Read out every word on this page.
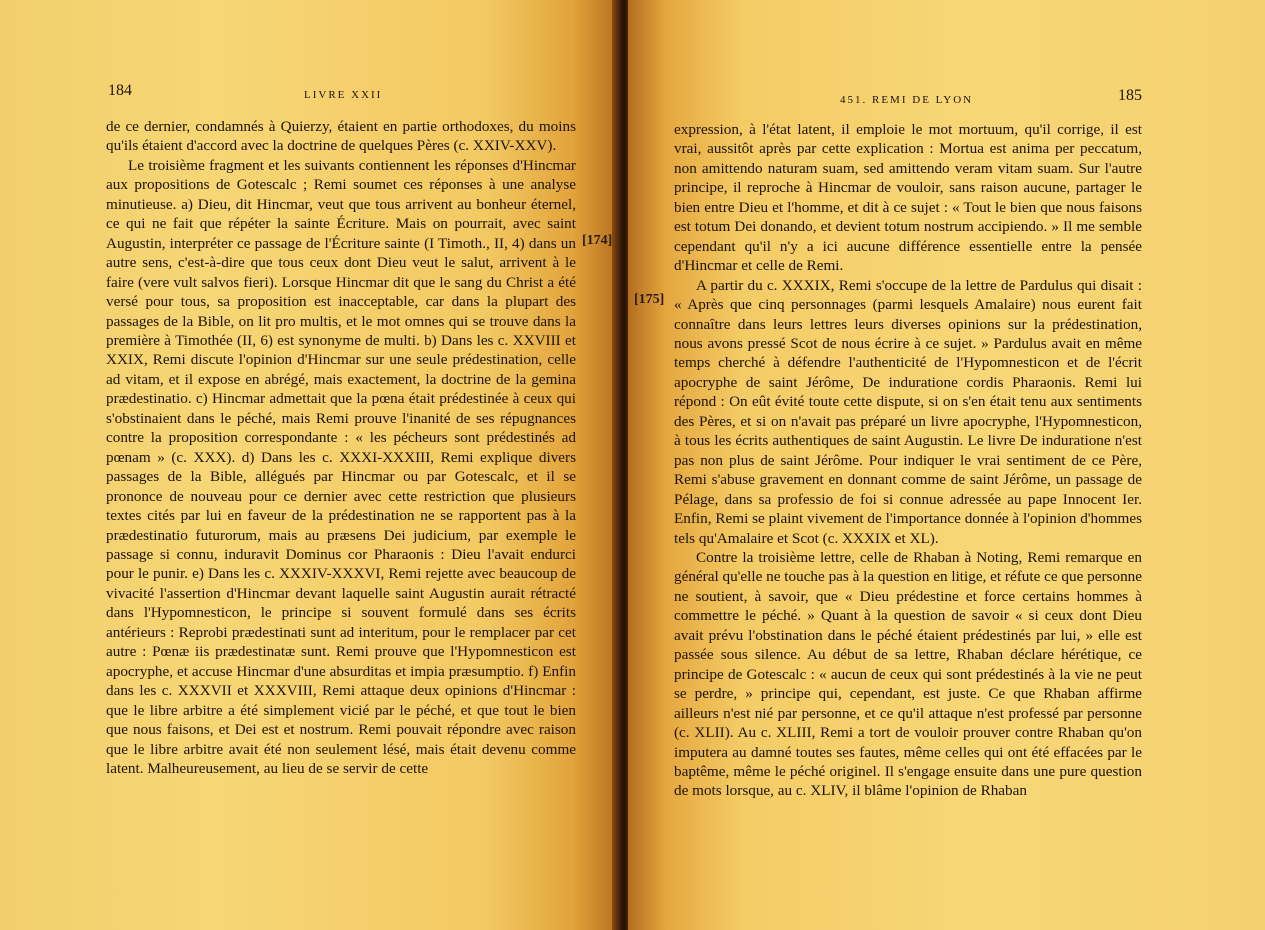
184	LIVRE XXII

de ce dernier, condamnés à Quierzy, étaient en partie orthodoxes, du moins qu'ils étaient d'accord avec la doctrine de quelques Pères (c. XXIV-XXV).

Le troisième fragment et les suivants contiennent les réponses d'Hincmar aux propositions de Gotescalc ; Remi soumet ces réponses à une analyse minutieuse. a) Dieu, dit Hincmar, veut que tous arrivent au bonheur éternel, ce qui ne fait que répéter la sainte Écriture. Mais on pourrait, avec saint Augustin, interpréter ce passage de l'Écriture sainte (I Timoth., II, 4) dans un autre sens, c'est-à-dire que tous ceux dont Dieu veut le salut, arrivent à le faire (vere vult salvos fieri). Lorsque Hincmar dit que le sang du Christ a été versé pour tous, sa proposition est inacceptable, car dans la plupart des passages de la Bible, on lit pro multis, et le mot omnes qui se trouve dans la première à Timothée (II, 6) est synonyme de multi. b) Dans les c. XXVIII et XXIX, Remi discute l'opinion d'Hincmar sur une seule prédestination, celle ad vitam, et il expose en abrégé, mais exactement, la doctrine de la gemina prædestinatio. c) Hincmar admettait que la pœna était prédestinée à ceux qui s'obstinaient dans le péché, mais Remi prouve l'inanité de ses répugnances contre la proposition correspondante : « les pécheurs sont prédestinés ad pœnam » (c. XXX). d) Dans les c. XXXI-XXXIII, Remi explique divers passages de la Bible, allégués par Hincmar ou par Gotescalc, et il se prononce de nouveau pour ce dernier avec cette restriction que plusieurs textes cités par lui en faveur de la prédestination ne se rapportent pas à la prædestinatio futurorum, mais au præsens Dei judicium, par exemple le passage si connu, induravit Dominus cor Pharaonis : Dieu l'avait endurci pour le punir. e) Dans les c. XXXIV-XXXVI, Remi rejette avec beaucoup de vivacité l'assertion d'Hincmar devant laquelle saint Augustin aurait rétracté dans l'Hypomnesticon, le principe si souvent formulé dans ses écrits antérieurs : Reprobi prædestinati sunt ad interitum, pour le remplacer par cet autre : Pœnæ iis prædestinatæ sunt. Remi prouve que l'Hypomnesticon est apocryphe, et accuse Hincmar d'une absurditas et impia præsumptio. f) Enfin dans les c. XXXVII et XXXVIII, Remi attaque deux opinions d'Hincmar : que le libre arbitre a été simplement vicié par le péché, et que tout le bien que nous faisons, et Dei est et nostrum. Remi pouvait répondre avec raison que le libre arbitre avait été non seulement lésé, mais était devenu comme latent. Malheureusement, au lieu de se servir de cette

451. REMI DE LYON	185

expression, à l'état latent, il emploie le mot mortuum, qu'il corrige, il est vrai, aussitôt après par cette explication : Mortua est anima per peccatum, non amittendo naturam suam, sed amittendo veram vitam suam. Sur l'autre principe, il reproche à Hincmar de vouloir, sans raison aucune, partager le bien entre Dieu et l'homme, et dit à ce sujet : « Tout le bien que nous faisons est totum Dei donando, et devient totum nostrum accipiendo. » Il me semble cependant qu'il n'y a ici aucune différence essentielle entre la pensée d'Hincmar et celle de Remi.

A partir du c. XXXIX, Remi s'occupe de la lettre de Pardulus qui disait : « Après que cinq personnages (parmi lesquels Amalaire) nous eurent fait connaître dans leurs lettres leurs diverses opinions sur la prédestination, nous avons pressé Scot de nous écrire à ce sujet. » Pardulus avait en même temps cherché à défendre l'authenticité de l'Hypomnesticon et de l'écrit apocryphe de saint Jérôme, De induratione cordis Pharaonis. Remi lui répond : On eût évité toute cette dispute, si on s'en était tenu aux sentiments des Pères, et si on n'avait pas préparé un livre apocryphe, l'Hypomnesticon, à tous les écrits authentiques de saint Augustin. Le livre De induratione n'est pas non plus de saint Jérôme. Pour indiquer le vrai sentiment de ce Père, Remi s'abuse gravement en donnant comme de saint Jérôme, un passage de Pélage, dans sa professio de foi si connue adressée au pape Innocent Ier. Enfin, Remi se plaint vivement de l'importance donnée à l'opinion d'hommes tels qu'Amalaire et Scot (c. XXXIX et XL).

Contre la troisième lettre, celle de Rhaban à Noting, Remi remarque en général qu'elle ne touche pas à la question en litige, et réfute ce que personne ne soutient, à savoir, que « Dieu prédestine et force certains hommes à commettre le péché. » Quant à la question de savoir « si ceux dont Dieu avait prévu l'obstination dans le péché étaient prédestinés par lui, » elle est passée sous silence. Au début de sa lettre, Rhaban déclare hérétique, ce principe de Gotescalc : « aucun de ceux qui sont prédestinés à la vie ne peut se perdre, » principe qui, cependant, est juste. Ce que Rhaban affirme ailleurs n'est nié par personne, et ce qu'il attaque n'est professé par personne (c. XLII). Au c. XLIII, Remi a tort de vouloir prouver contre Rhaban qu'on imputera au damné toutes ses fautes, même celles qui ont été effacées par le baptême, même le péché originel. Il s'engage ensuite dans une pure question de mots lorsque, au c. XLIV, il blâme l'opinion de Rhaban

[174]
[175]
